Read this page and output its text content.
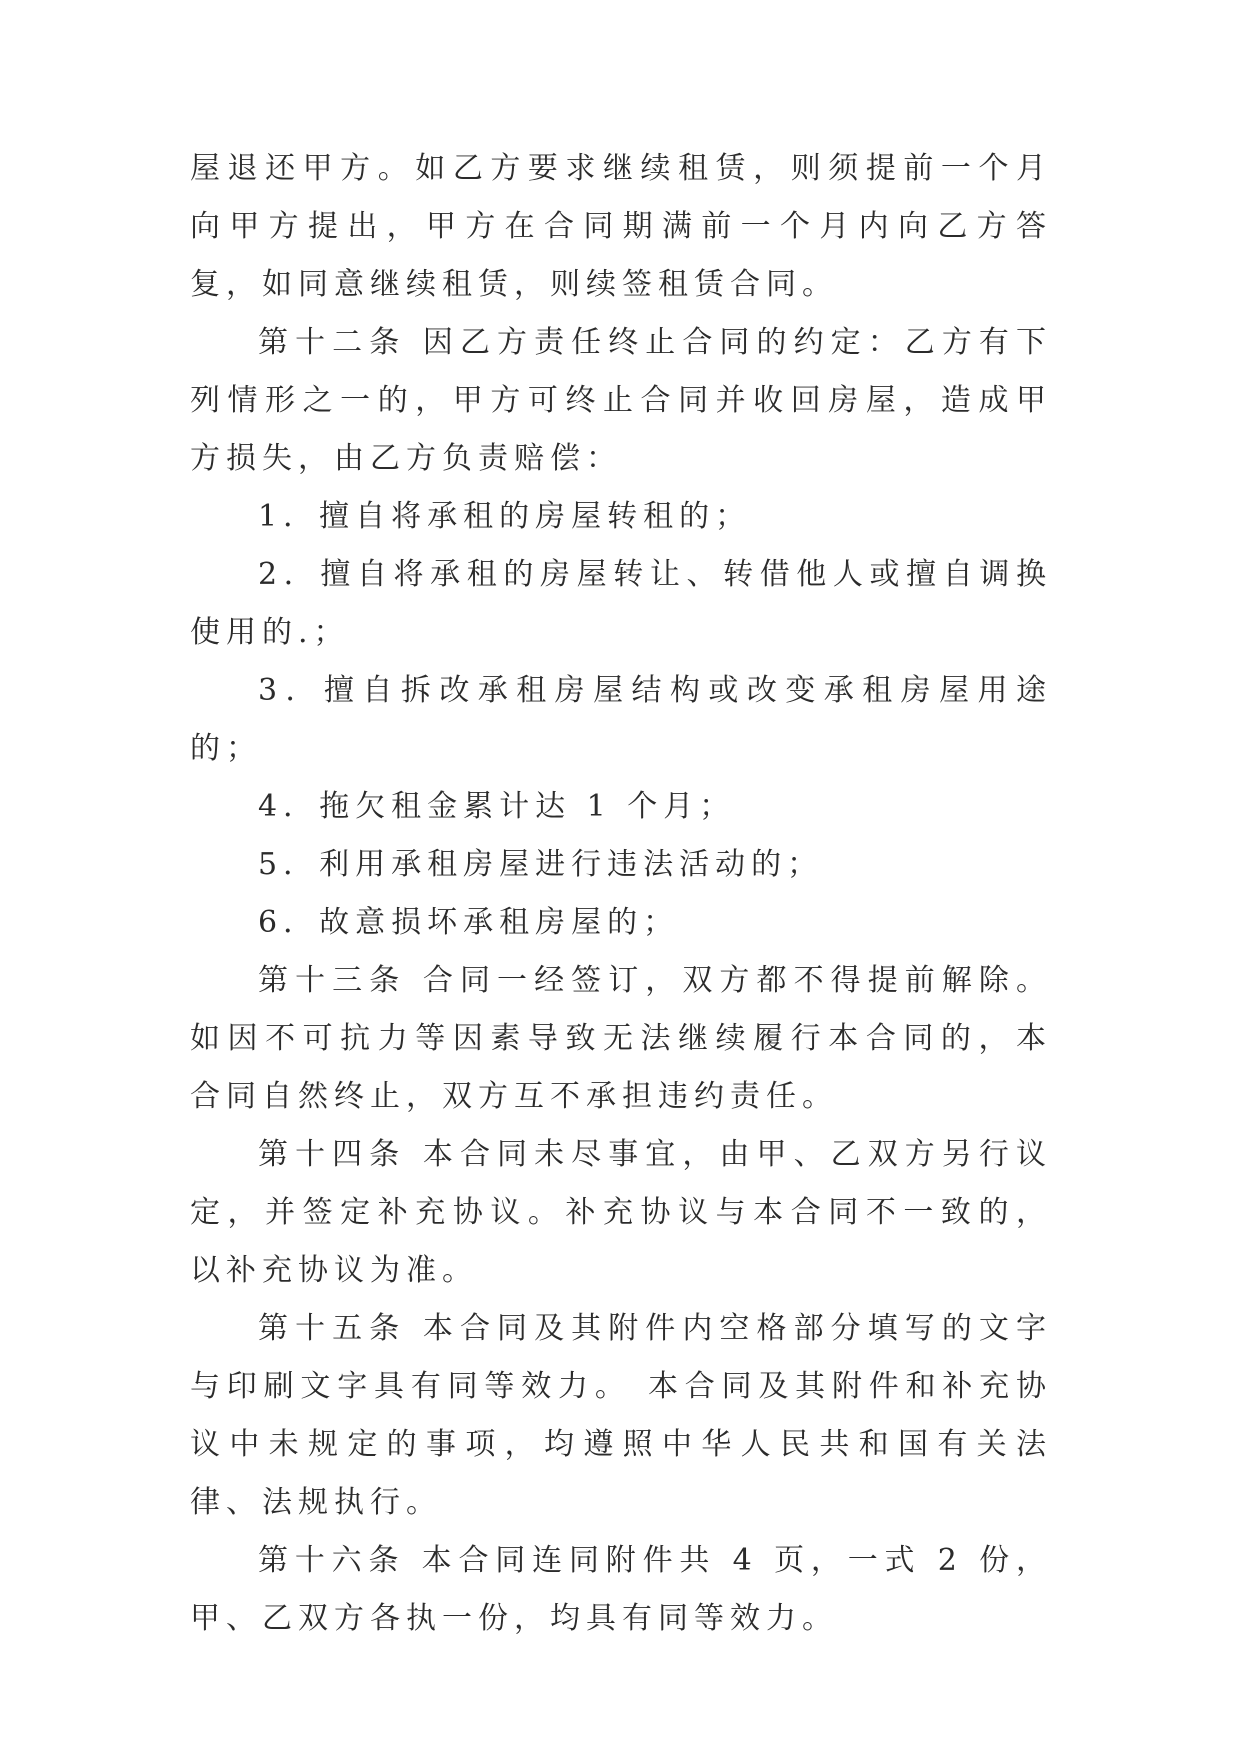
屋退还甲方。如乙方要求继续租赁，则须提前一个月向甲方提出，甲方在合同期满前一个月内向乙方答复，如同意继续租赁，则续签租赁合同。

第十二条 因乙方责任终止合同的约定：乙方有下列情形之一的，甲方可终止合同并收回房屋，造成甲方损失，由乙方负责赔偿：

1．擅自将承租的房屋转租的；

2．擅自将承租的房屋转让、转借他人或擅自调换使用的.；

3．擅自拆改承租房屋结构或改变承租房屋用途的；

4．拖欠租金累计达 1 个月；

5．利用承租房屋进行违法活动的；

6．故意损坏承租房屋的；

第十三条 合同一经签订，双方都不得提前解除。 如因不可抗力等因素导致无法继续履行本合同的，本合同自然终止，双方互不承担违约责任。

第十四条 本合同未尽事宜，由甲、乙双方另行议定，并签定补充协议。补充协议与本合同不一致的，以补充协议为准。

第十五条 本合同及其附件内空格部分填写的文字与印刷文字具有同等效力。 本合同及其附件和补充协议中未规定的事项，均遵照中华人民共和国有关法律、法规执行。

第十六条 本合同连同附件共 4 页，一式 2 份，甲、乙双方各执一份，均具有同等效力。
